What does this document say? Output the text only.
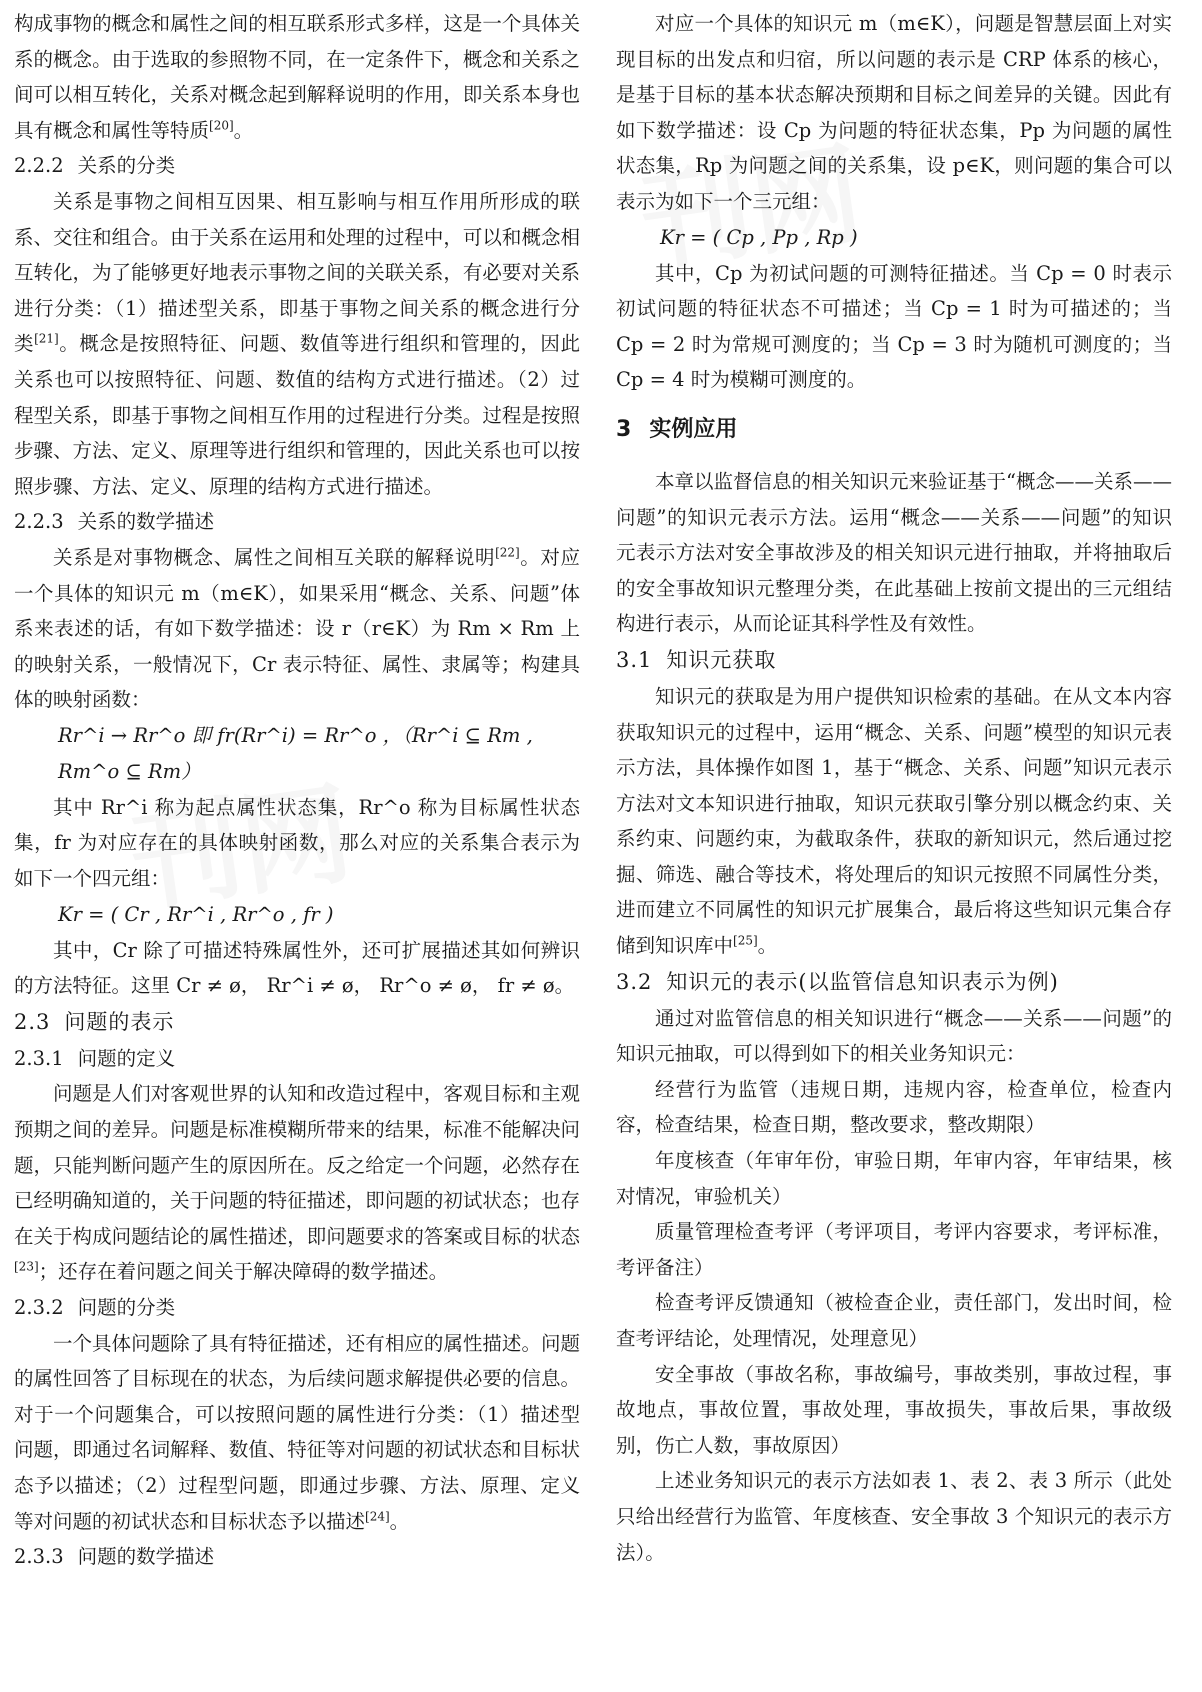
构成事物的概念和属性之间的相互联系形式多样，这是一个具体关系的概念。由于选取的参照物不同，在一定条件下，概念和关系之间可以相互转化，关系对概念起到解释说明的作用，即关系本身也具有概念和属性等特质[20]。

2.2.2 关系的分类

关系是事物之间相互因果、相互影响与相互作用所形成的联系、交往和组合。由于关系在运用和处理的过程中，可以和概念相互转化，为了能够更好地表示事物之间的关联关系，有必要对关系进行分类：（1）描述型关系，即基于事物之间关系的概念进行分类[21]。概念是按照特征、问题、数值等进行组织和管理的，因此关系也可以按照特征、问题、数值的结构方式进行描述。（2）过程型关系，即基于事物之间相互作用的过程进行分类。过程是按照步骤、方法、定义、原理等进行组织和管理的，因此关系也可以按照步骤、方法、定义、原理的结构方式进行描述。

2.2.3 关系的数学描述

关系是对事物概念、属性之间相互关联的解释说明[22]。对应一个具体的知识元 m（m∈K），如果采用“概念、关系、问题”体系来表述的话，有如下数学描述：设 r（r∈K）为 Rm × Rm 上的映射关系，一般情况下，Cr 表示特征、属性、隶属等；构建具体的映射函数：

Rr^i → Rr^o 即 fr(Rr^i) = Rr^o ，（Rr^i ⊆ Rm , Rm^o ⊆ Rm）

其中 Rr^i 称为起点属性状态集，Rr^o 称为目标属性状态集，fr 为对应存在的具体映射函数，那么对应的关系集合表示为如下一个四元组：

Kr = ( Cr , Rr^i , Rr^o , fr )

其中，Cr 除了可描述特殊属性外，还可扩展描述其如何辨识的方法特征。这里 Cr ≠ ø， Rr^i ≠ ø， Rr^o ≠ ø， fr ≠ ø。

2.3 问题的表示
2.3.1 问题的定义

问题是人们对客观世界的认知和改造过程中，客观目标和主观预期之间的差异。问题是标准模糊所带来的结果，标准不能解决问题，只能判断问题产生的原因所在。反之给定一个问题，必然存在已经明确知道的，关于问题的特征描述，即问题的初试状态；也存在关于构成问题结论的属性描述，即问题要求的答案或目标的状态[23]；还存在着问题之间关于解决障碍的数学描述。

2.3.2 问题的分类

一个具体问题除了具有特征描述，还有相应的属性描述。问题的属性回答了目标现在的状态，为后续问题求解提供必要的信息。对于一个问题集合，可以按照问题的属性进行分类：（1）描述型问题，即通过名词解释、数值、特征等对问题的初试状态和目标状态予以描述；（2）过程型问题，即通过步骤、方法、原理、定义等对问题的初试状态和目标状态予以描述[24]。

2.3.3 问题的数学描述

对应一个具体的知识元 m（m∈K），问题是智慧层面上对实现目标的出发点和归宿，所以问题的表示是 CRP 体系的核心，是基于目标的基本状态解决预期和目标之间差异的关键。因此有如下数学描述：设 Cp 为问题的特征状态集，Pp 为问题的属性状态集，Rp 为问题之间的关系集，设 p∈K，则问题的集合可以表示为如下一个三元组：

Kr = ( Cp , Pp , Rp )

其中，Cp 为初试问题的可测特征描述。当 Cp = 0 时表示初试问题的特征状态不可描述；当 Cp = 1 时为可描述的；当 Cp = 2 时为常规可测度的；当 Cp = 3 时为随机可测度的；当 Cp = 4 时为模糊可测度的。

3 实例应用

本章以监督信息的相关知识元来验证基于“概念——关系——问题”的知识元表示方法。运用“概念——关系——问题”的知识元表示方法对安全事故涉及的相关知识元进行抽取，并将抽取后的安全事故知识元整理分类，在此基础上按前文提出的三元组结构进行表示，从而论证其科学性及有效性。

3.1 知识元获取

知识元的获取是为用户提供知识检索的基础。在从文本内容获取知识元的过程中，运用“概念、关系、问题”模型的知识元表示方法，具体操作如图 1，基于“概念、关系、问题”知识元表示方法对文本知识进行抽取，知识元获取引擎分别以概念约束、关系约束、问题约束，为截取条件，获取的新知识元，然后通过挖掘、筛选、融合等技术，将处理后的知识元按照不同属性分类，进而建立不同属性的知识元扩展集合，最后将这些知识元集合存储到知识库中[25]。

3.2 知识元的表示(以监管信息知识表示为例)

通过对监管信息的相关知识进行“概念——关系——问题”的知识元抽取，可以得到如下的相关业务知识元：

经营行为监管（违规日期，违规内容，检查单位，检查内容，检查结果，检查日期，整改要求，整改期限）

年度核查（年审年份，审验日期，年审内容，年审结果，核对情况，审验机关）

质量管理检查考评（考评项目，考评内容要求，考评标准，考评备注）

检查考评反馈通知（被检查企业，责任部门，发出时间，检查考评结论，处理情况，处理意见）

安全事故（事故名称，事故编号，事故类别，事故过程，事故地点，事故位置，事故处理，事故损失，事故后果，事故级别，伤亡人数，事故原因）

上述业务知识元的表示方法如表 1、表 2、表 3 所示（此处只给出经营行为监管、年度核查、安全事故 3 个知识元的表示方法）。
